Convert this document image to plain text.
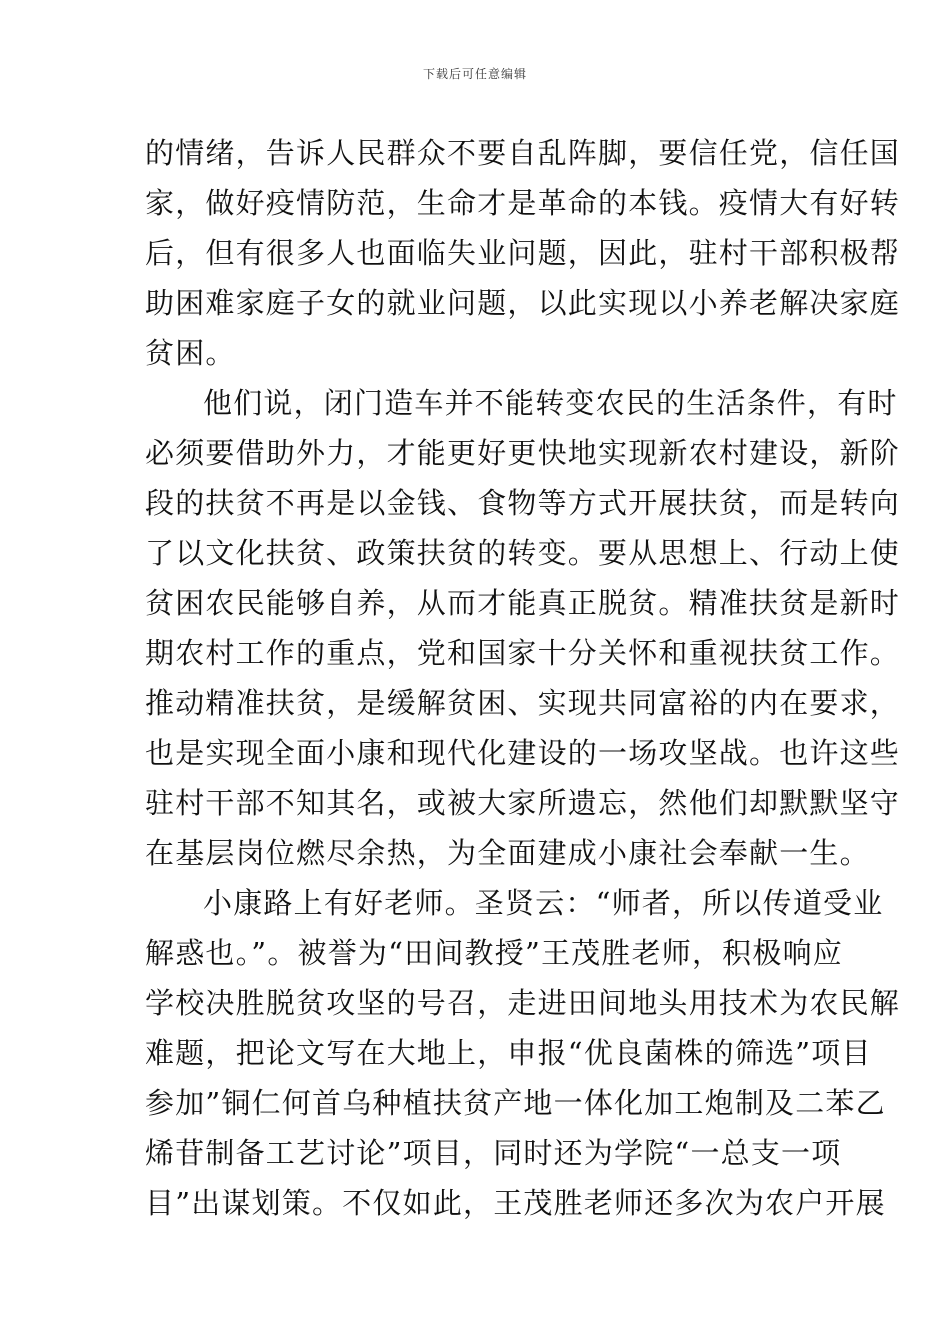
下载后可任意编辑
的情绪，告诉人民群众不要自乱阵脚，要信任党，信任国
家，做好疫情防范，生命才是革命的本钱。疫情大有好转
后，但有很多人也面临失业问题，因此，驻村干部积极帮
助困难家庭子女的就业问题，以此实现以小养老解决家庭
贫困。
他们说，闭门造车并不能转变农民的生活条件，有时
必须要借助外力，才能更好更快地实现新农村建设，新阶
段的扶贫不再是以金钱、食物等方式开展扶贫，而是转向
了以文化扶贫、政策扶贫的转变。要从思想上、行动上使
贫困农民能够自养，从而才能真正脱贫。精准扶贫是新时
期农村工作的重点，党和国家十分关怀和重视扶贫工作。
推动精准扶贫，是缓解贫困、实现共同富裕的内在要求，
也是实现全面小康和现代化建设的一场攻坚战。也许这些
驻村干部不知其名，或被大家所遗忘，然他们却默默坚守
在基层岗位燃尽余热，为全面建成小康社会奉献一生。
小康路上有好老师。圣贤云：“师者，所以传道受业
解惑也。”。被誉为“田间教授”王茂胜老师，积极响应
学校决胜脱贫攻坚的号召，走进田间地头用技术为农民解
难题，把论文写在大地上，申报“优良菌株的筛选”项目
参加”铜仁何首乌种植扶贫产地一体化加工炮制及二苯乙
烯苷制备工艺讨论”项目，同时还为学院“一总支一项
目”出谋划策。不仅如此，王茂胜老师还多次为农户开展
